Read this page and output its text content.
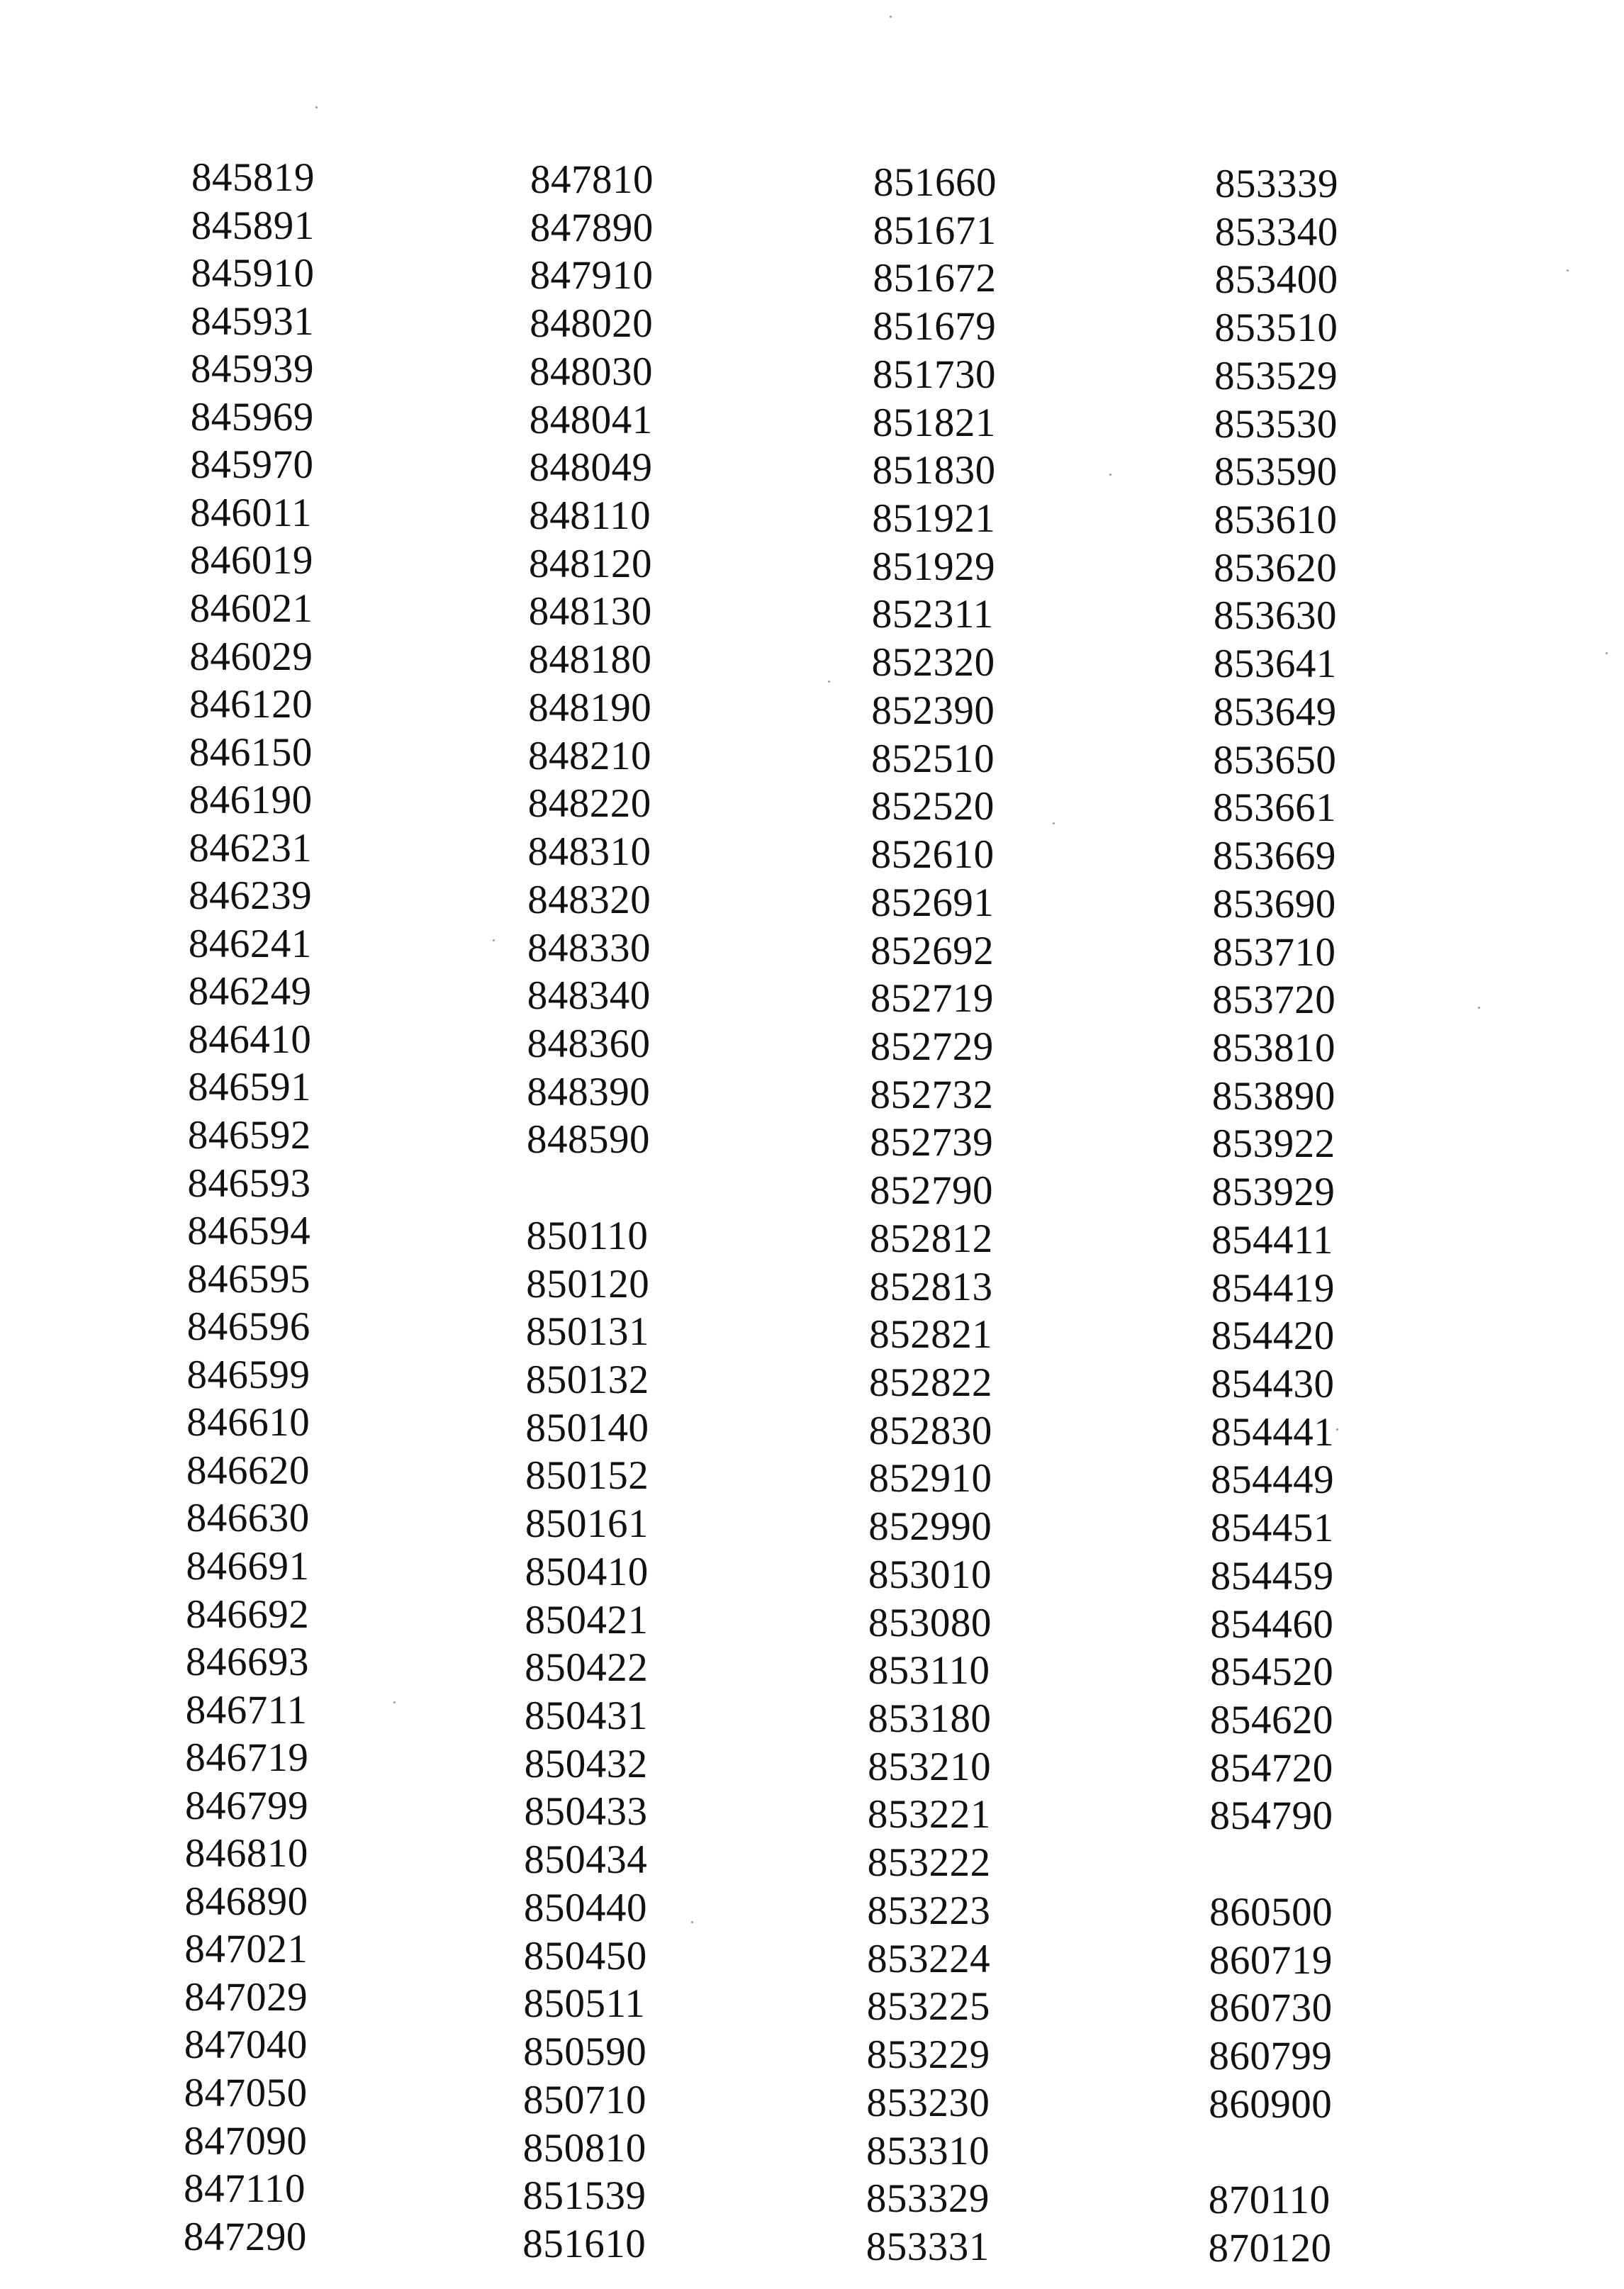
845819
845891
845910
845931
845939
845969
845970
846011
846019
846021
846029
846120
846150
846190
846231
846239
846241
846249
846410
846591
846592
846593
846594
846595
846596
846599
846610
846620
846630
846691
846692
846693
846711
846719
846799
846810
846890
847021
847029
847040
847050
847090
847110
847290
847810
847890
847910
848020
848030
848041
848049
848110
848120
848130
848180
848190
848210
848220
848310
848320
848330
848340
848360
848390
848590
850110
850120
850131
850132
850140
850152
850161
850410
850421
850422
850431
850432
850433
850434
850440
850450
850511
850590
850710
850810
851539
851610
851660
851671
851672
851679
851730
851821
851830
851921
851929
852311
852320
852390
852510
852520
852610
852691
852692
852719
852729
852732
852739
852790
852812
852813
852821
852822
852830
852910
852990
853010
853080
853110
853180
853210
853221
853222
853223
853224
853225
853229
853230
853310
853329
853331
853339
853340
853400
853510
853529
853530
853590
853610
853620
853630
853641
853649
853650
853661
853669
853690
853710
853720
853810
853890
853922
853929
854411
854419
854420
854430
854441
854449
854451
854459
854460
854520
854620
854720
854790
860500
860719
860730
860799
860900
870110
870120
